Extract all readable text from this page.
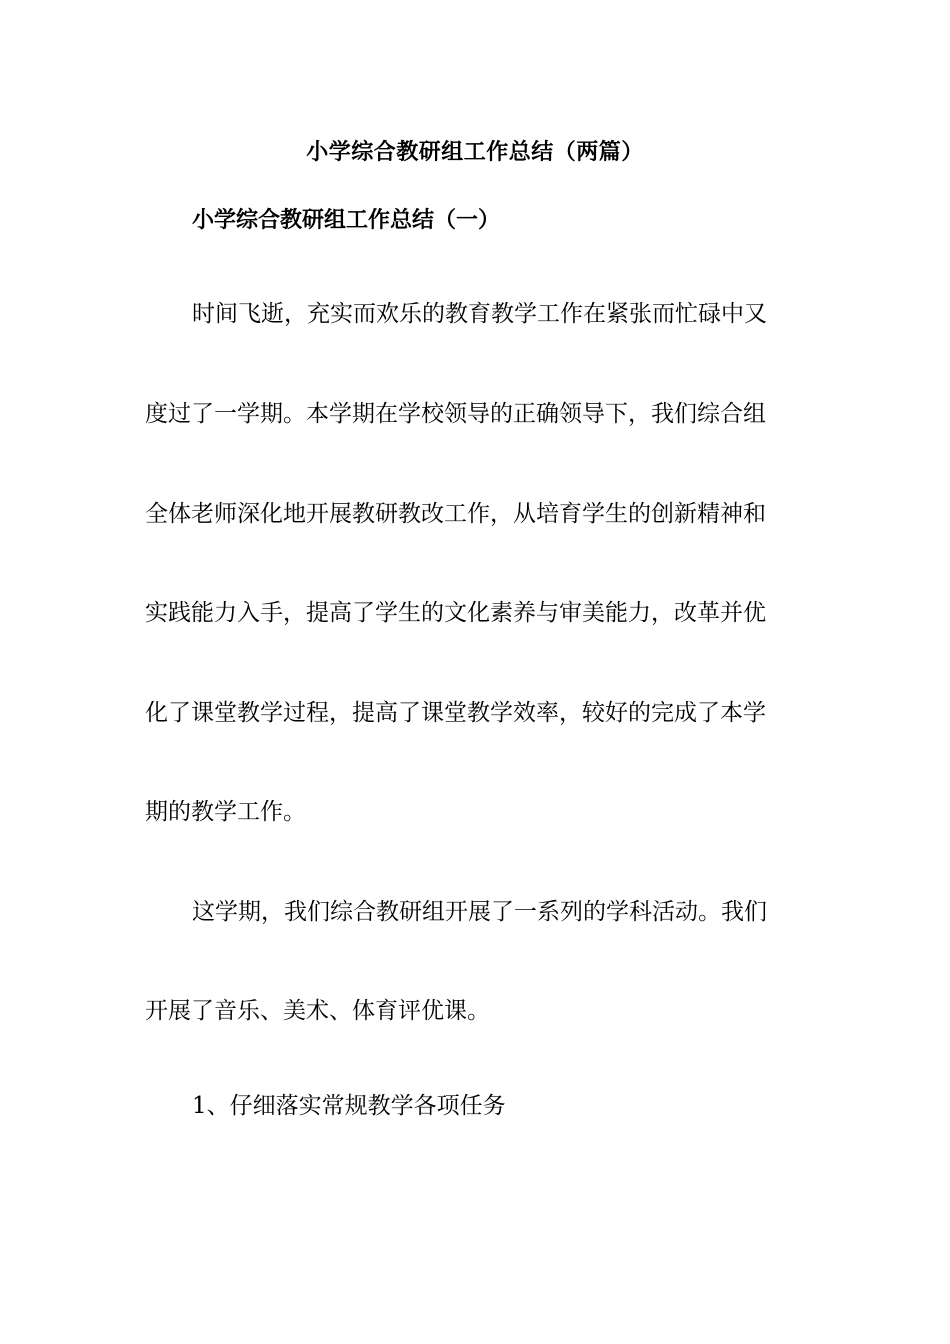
小学综合教研组工作总结（两篇）
小学综合教研组工作总结（一）

时间飞逝，充实而欢乐的教育教学工作在紧张而忙碌中又

度过了一学期。本学期在学校领导的正确领导下，我们综合组

全体老师深化地开展教研教改工作，从培育学生的创新精神和

实践能力入手，提高了学生的文化素养与审美能力，改革并优

化了课堂教学过程，提高了课堂教学效率，较好的完成了本学

期的教学工作。

这学期，我们综合教研组开展了一系列的学科活动。我们

开展了音乐、美术、体育评优课。

1、仔细落实常规教学各项任务
